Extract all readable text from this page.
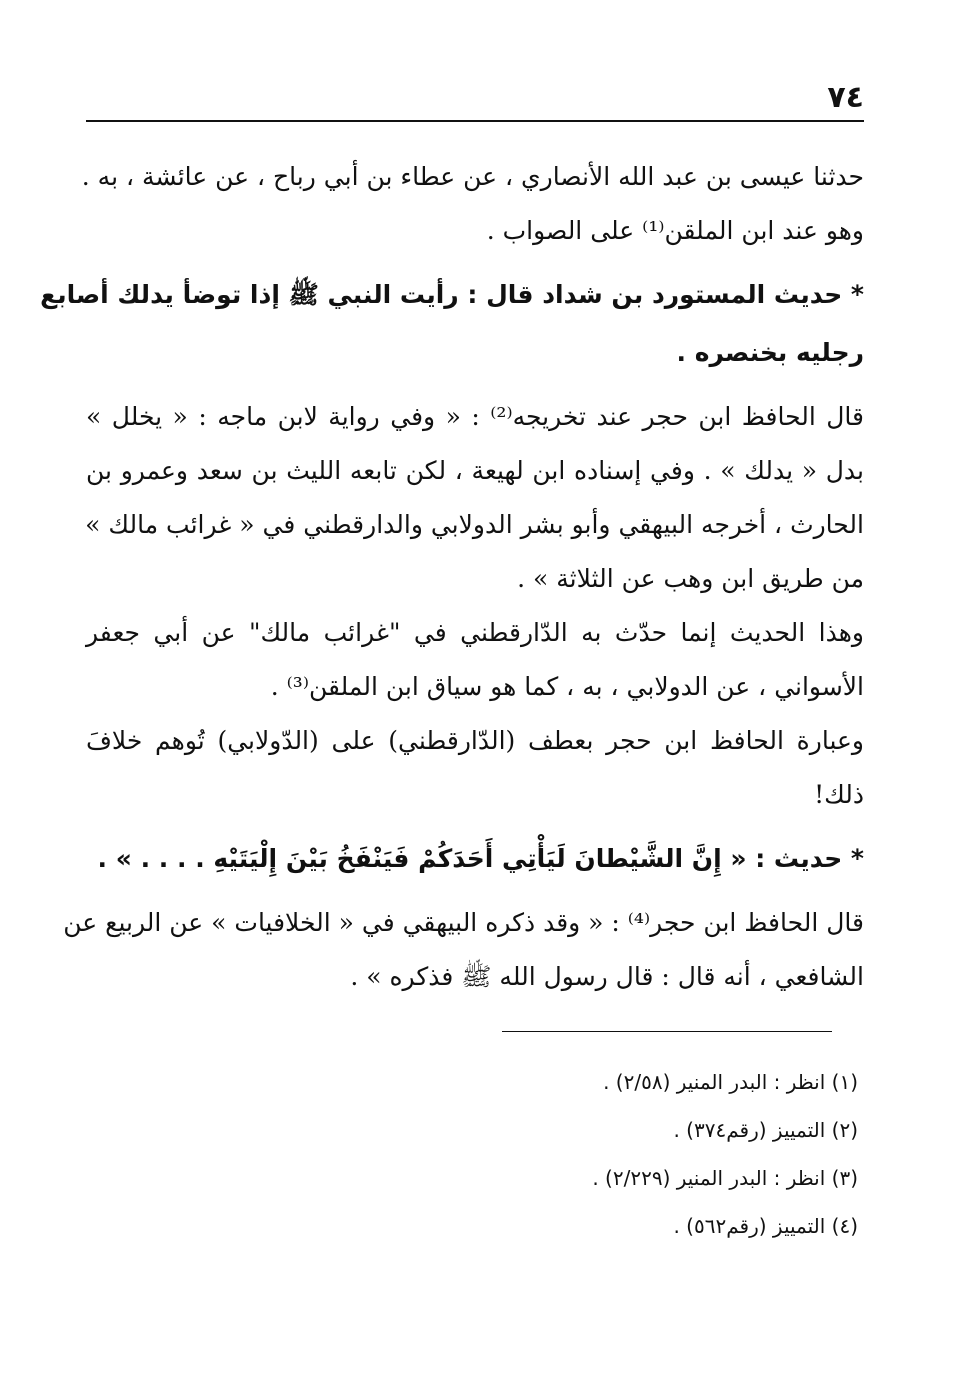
٧٤
حدثنا عيسى بن عبد الله الأنصاري ، عن عطاء بن أبي رباح ، عن عائشة ، به .
وهو عند ابن الملقن⁽¹⁾ على الصواب .
* حديث المستورد بن شداد قال : رأيت النبي ﷺ إذا توضأ يدلك أصابع
رجليه بخنصره .
قال الحافظ ابن حجر عند تخريجه⁽²⁾ : « وفي رواية لابن ماجه : « يخلل »
بدل « يدلك » . وفي إسناده ابن لهيعة ، لكن تابعه الليث بن سعد وعمرو بن
الحارث ، أخرجه البيهقي وأبو بشر الدولابي والدارقطني في « غرائب مالك »
من طريق ابن وهب عن الثلاثة » .
وهذا الحديث إنما حدّث به الدّارقطني في "غرائب مالك" عن أبي جعفر
الأسواني ، عن الدولابي ، به ، كما هو سياق ابن الملقن⁽³⁾ .
وعبارة الحافظ ابن حجر بعطف (الدّارقطني) على (الدّولابي) تُوهم خلافَ
ذلك!
* حديث : « إِنَّ الشَّيْطانَ لَيَأْتِي أَحَدَكُمْ فَيَنْفَخُ بَيْنَ إِلْيَتَيْهِ . . . . » .
قال الحافظ ابن حجر⁽⁴⁾ : « وقد ذكره البيهقي في « الخلافيات » عن الربيع عن
الشافعي ، أنه قال : قال رسول الله ﷺ فذكره » .
(١) انظر : البدر المنير (٢/٥٨) .
(٢) التمييز (رقم٣٧٤) .
(٣) انظر : البدر المنير (٢/٢٢٩) .
(٤) التمييز (رقم٥٦٢) .
